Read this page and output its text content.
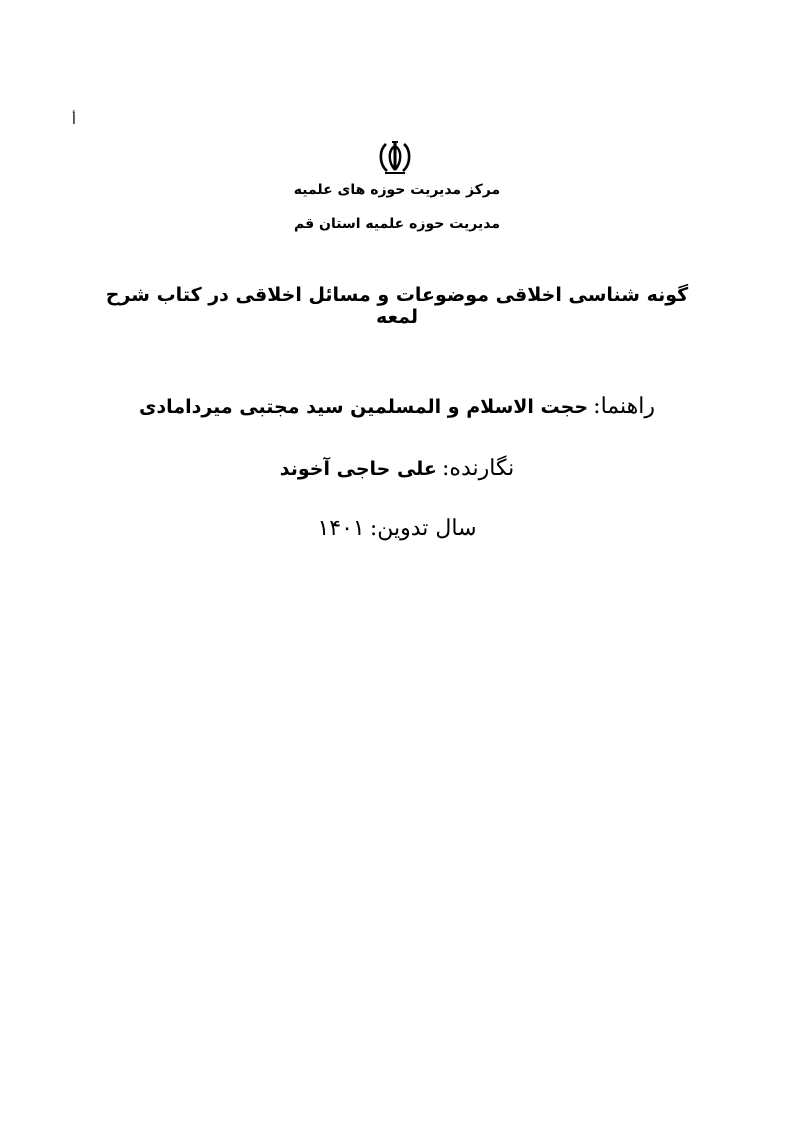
أ
مرکز مدیریت حوزه های علمیه
مدیریت حوزه علمیه استان قم
گونه شناسی اخلاقی موضوعات و مسائل اخلاقی در کتاب شرح لمعه
راهنما: حجت الاسلام و المسلمین سید مجتبی میردامادی
نگارنده: علی حاجی آخوند
سال تدوین: ۱۴۰۱
